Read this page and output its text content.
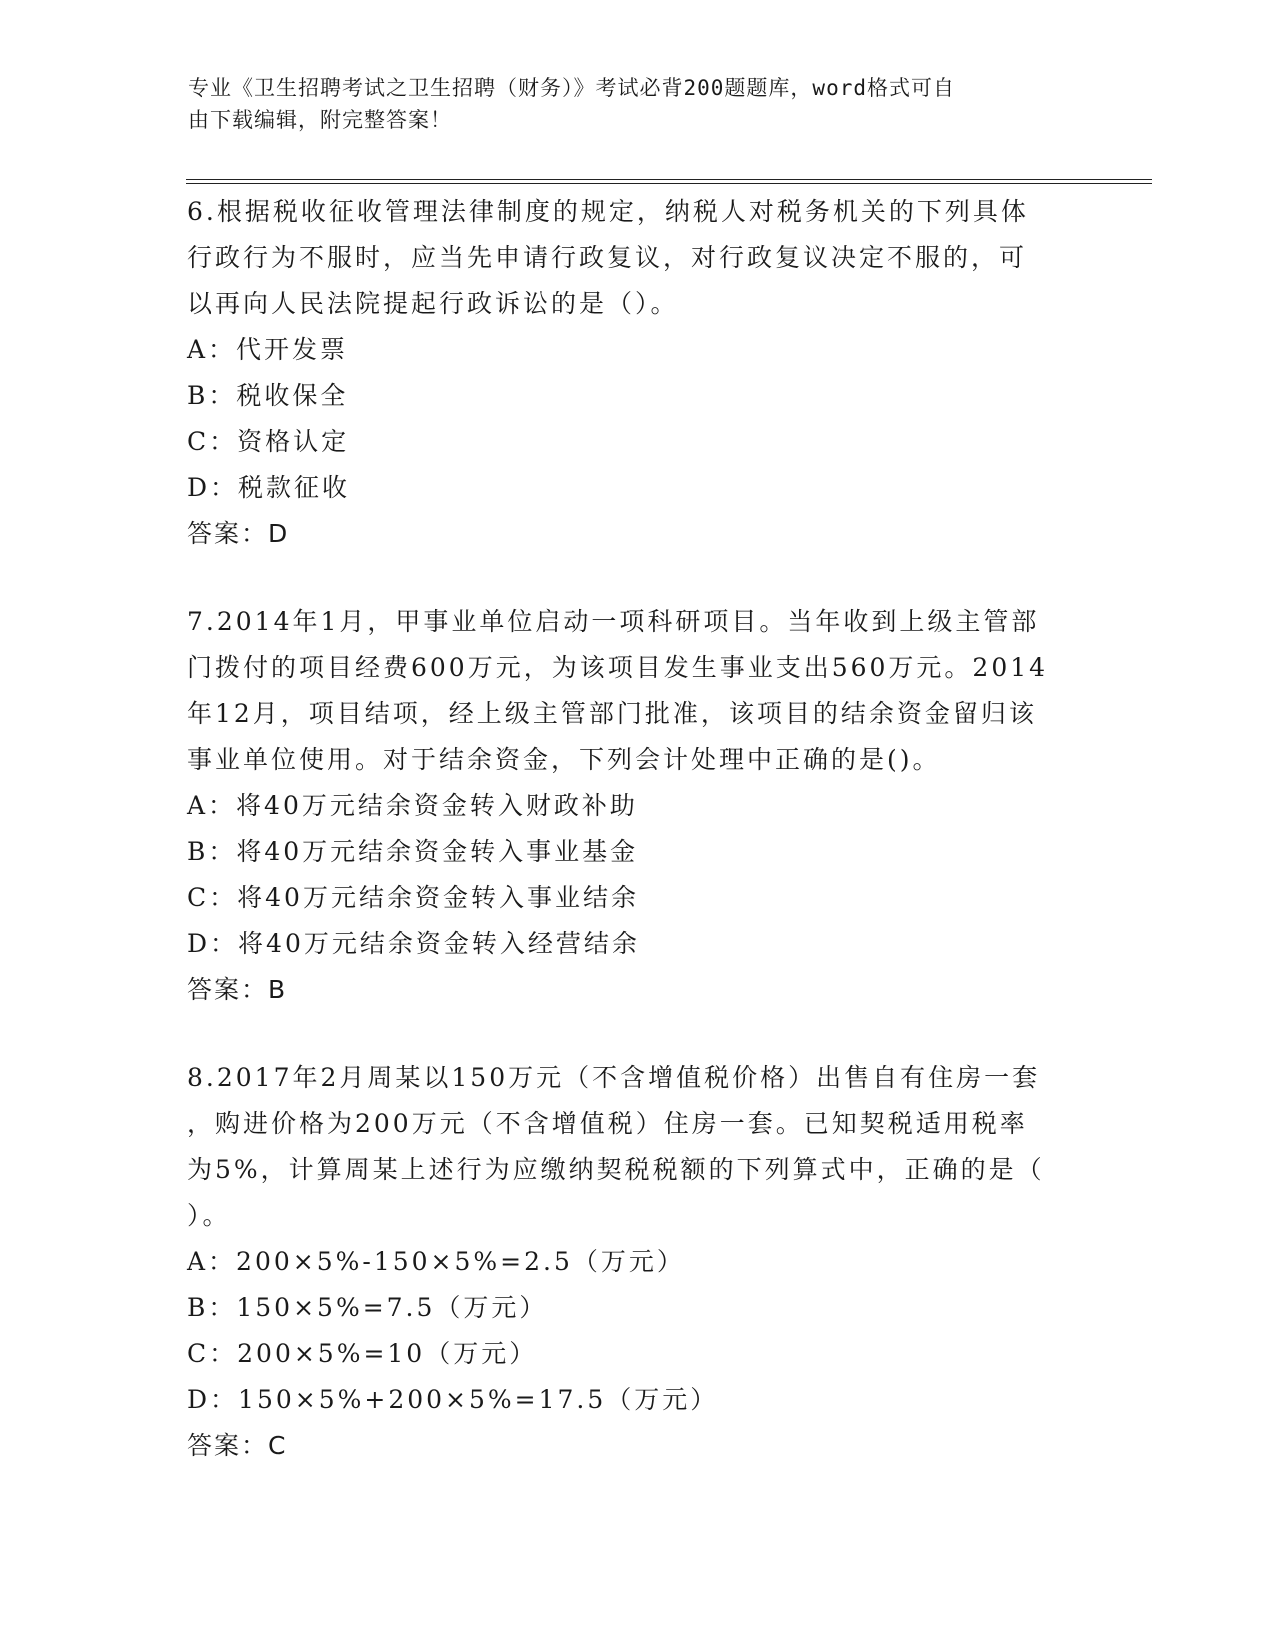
专业《卫生招聘考试之卫生招聘（财务）》考试必背200题题库，word格式可自
由下载编辑，附完整答案！

6.根据税收征收管理法律制度的规定，纳税人对税务机关的下列具体

行政行为不服时，应当先申请行政复议，对行政复议决定不服的，可

以再向人民法院提起行政诉讼的是（）。

A：代开发票

B：税收保全

C：资格认定

D：税款征收

答案：D

7.2014年1月，甲事业单位启动一项科研项目。当年收到上级主管部

门拨付的项目经费600万元，为该项目发生事业支出560万元。2014

年12月，项目结项，经上级主管部门批准，该项目的结余资金留归该

事业单位使用。对于结余资金，下列会计处理中正确的是()。

A：将40万元结余资金转入财政补助

B：将40万元结余资金转入事业基金

C：将40万元结余资金转入事业结余

D：将40万元结余资金转入经营结余

答案：B

8.2017年2月周某以150万元（不含增值税价格）出售自有住房一套

，购进价格为200万元（不含增值税）住房一套。已知契税适用税率

为5%，计算周某上述行为应缴纳契税税额的下列算式中，正确的是（

）。

A：200×5%-150×5%=2.5（万元）

B：150×5%=7.5（万元）

C：200×5%=10（万元）

D：150×5%+200×5%=17.5（万元）

答案：C
